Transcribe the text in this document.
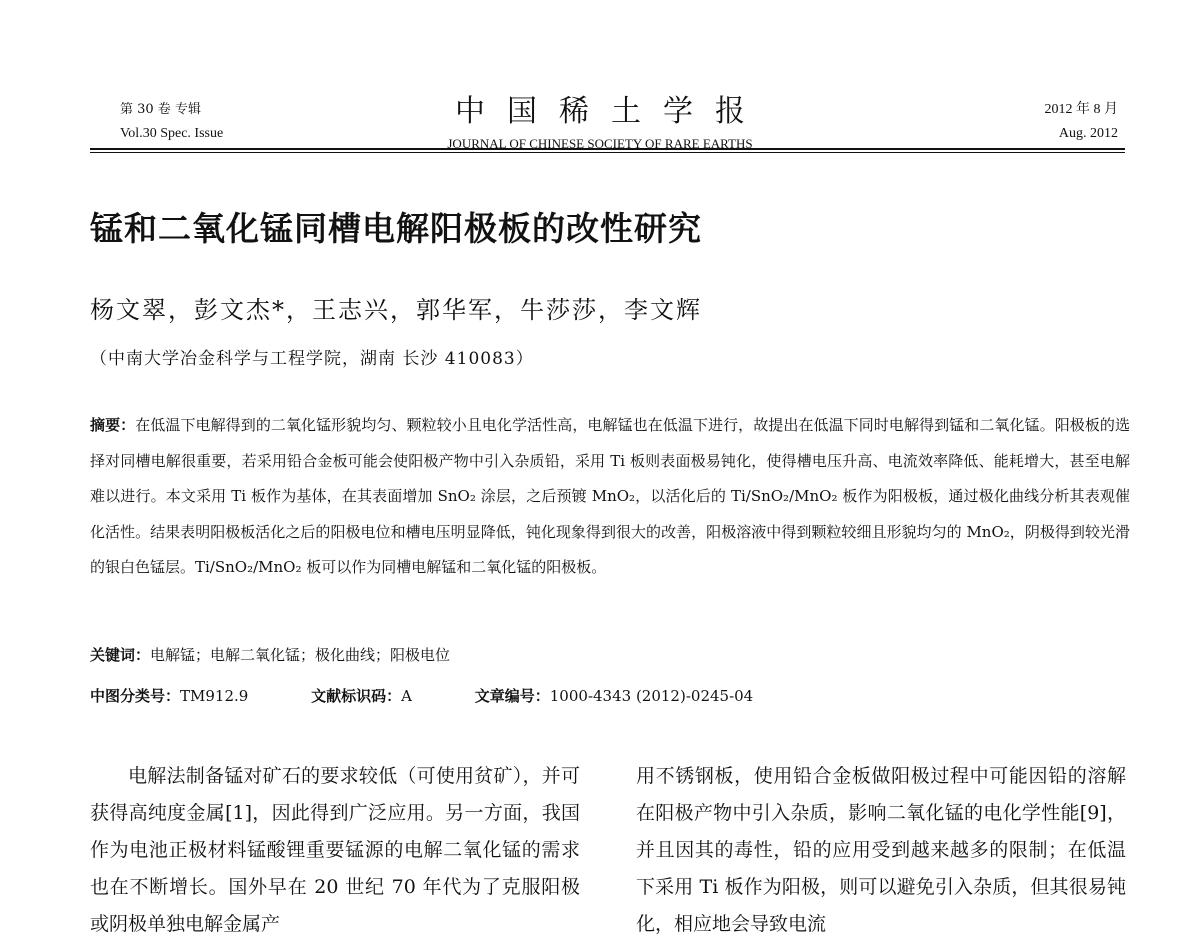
第 30 卷 专辑
Vol.30 Spec. Issue
中国稀土学报
JOURNAL OF CHINESE SOCIETY OF RARE EARTHS
2012 年 8 月
Aug. 2012
锰和二氧化锰同槽电解阳极板的改性研究
杨文翠，彭文杰*，王志兴，郭华军，牛莎莎，李文辉
（中南大学冶金科学与工程学院，湖南 长沙 410083）
摘要：在低温下电解得到的二氧化锰形貌均匀、颗粒较小且电化学活性高，电解锰也在低温下进行，故提出在低温下同时电解得到锰和二氧化锰。阳极板的选择对同槽电解很重要，若采用铅合金板可能会使阳极产物中引入杂质铅，采用 Ti 板则表面极易钝化，使得槽电压升高、电流效率降低、能耗增大，甚至电解难以进行。本文采用 Ti 板作为基体，在其表面增加 SnO₂ 涂层，之后预镀 MnO₂，以活化后的 Ti/SnO₂/MnO₂ 板作为阳极板，通过极化曲线分析其表观催化活性。结果表明阳极板活化之后的阳极电位和槽电压明显降低，钝化现象得到很大的改善，阳极溶液中得到颗粒较细且形貌均匀的 MnO₂，阴极得到较光滑的银白色锰层。Ti/SnO₂/MnO₂ 板可以作为同槽电解锰和二氧化锰的阳极板。
关键词：电解锰；电解二氧化锰；极化曲线；阳极电位
中图分类号：TM912.9	文献标识码：A	文章编号：1000-4343 (2012)-0245-04

电解法制备锰对矿石的要求较低（可使用贫矿），并可获得高纯度金属[1]，因此得到广泛应用。另一方面，我国作为电池正极材料锰酸锂重要锰源的电解二氧化锰的需求也在不断增长。国外早在 20 世纪 70 年代为了克服阳极或阴极单独电解金属产

用不锈钢板，使用铅合金板做阳极过程中可能因铅的溶解在阳极产物中引入杂质，影响二氧化锰的电化学性能[9]，并且因其的毒性，铅的应用受到越来越多的限制；在低温下采用 Ti 板作为阳极，则可以避免引入杂质，但其很易钝化，相应地会导致电流
